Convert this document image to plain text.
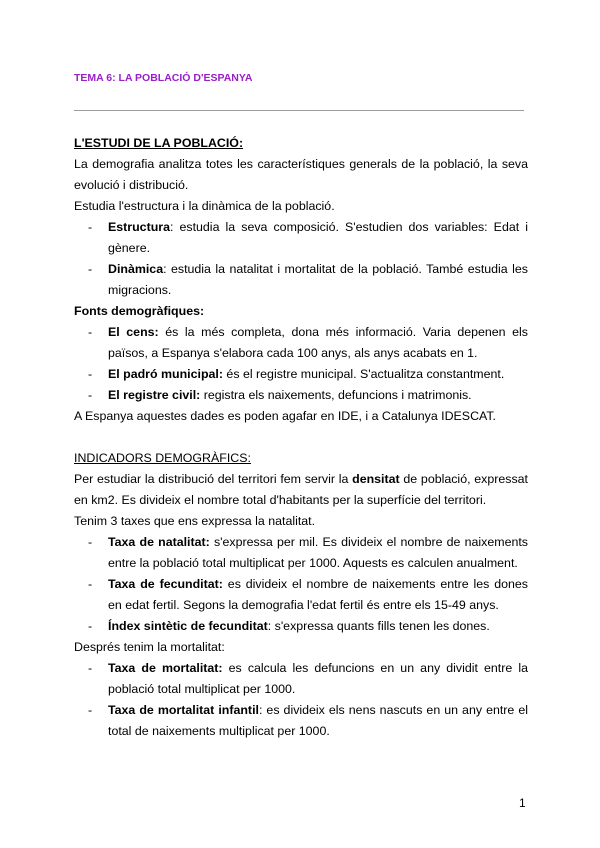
TEMA 6: LA POBLACIÓ D'ESPANYA

L'ESTUDI DE LA POBLACIÓ:

La demografia analitza totes les característiques generals de la població, la seva evolució i distribució.

Estudia l'estructura i la dinàmica de la població.

- Estructura: estudia la seva composició. S'estudien dos variables: Edat i gènere.
- Dinàmica: estudia la natalitat i mortalitat de la població. També estudia les migracions.

Fonts demogràfiques:

- El cens: és la més completa, dona més informació. Varia depenen els països, a Espanya s'elabora cada 100 anys, als anys acabats en 1.
- El padró municipal: és el registre municipal. S'actualitza constantment.
- El registre civil: registra els naixements, defuncions i matrimonis.

A Espanya aquestes dades es poden agafar en IDE, i a Catalunya IDESCAT.

INDICADORS DEMOGRÀFICS:

Per estudiar la distribució del territori fem servir la densitat de població, expressat en km2. Es divideix el nombre total d'habitants per la superfície del territori.

Tenim 3 taxes que ens expressa la natalitat.

- Taxa de natalitat: s'expressa per mil. Es divideix el nombre de naixements entre la població total multiplicat per 1000. Aquests es calculen anualment.
- Taxa de fecunditat: es divideix el nombre de naixements entre les dones en edat fertil. Segons la demografia l'edat fertil és entre els 15-49 anys.
- Índex sintètic de fecunditat: s'expressa quants fills tenen les dones.

Després tenim la mortalitat:

- Taxa de mortalitat: es calcula les defuncions en un any dividit entre la població total multiplicat per 1000.
- Taxa de mortalitat infantil: es divideix els nens nascuts en un any entre el total de naixements multiplicat per 1000.
1
